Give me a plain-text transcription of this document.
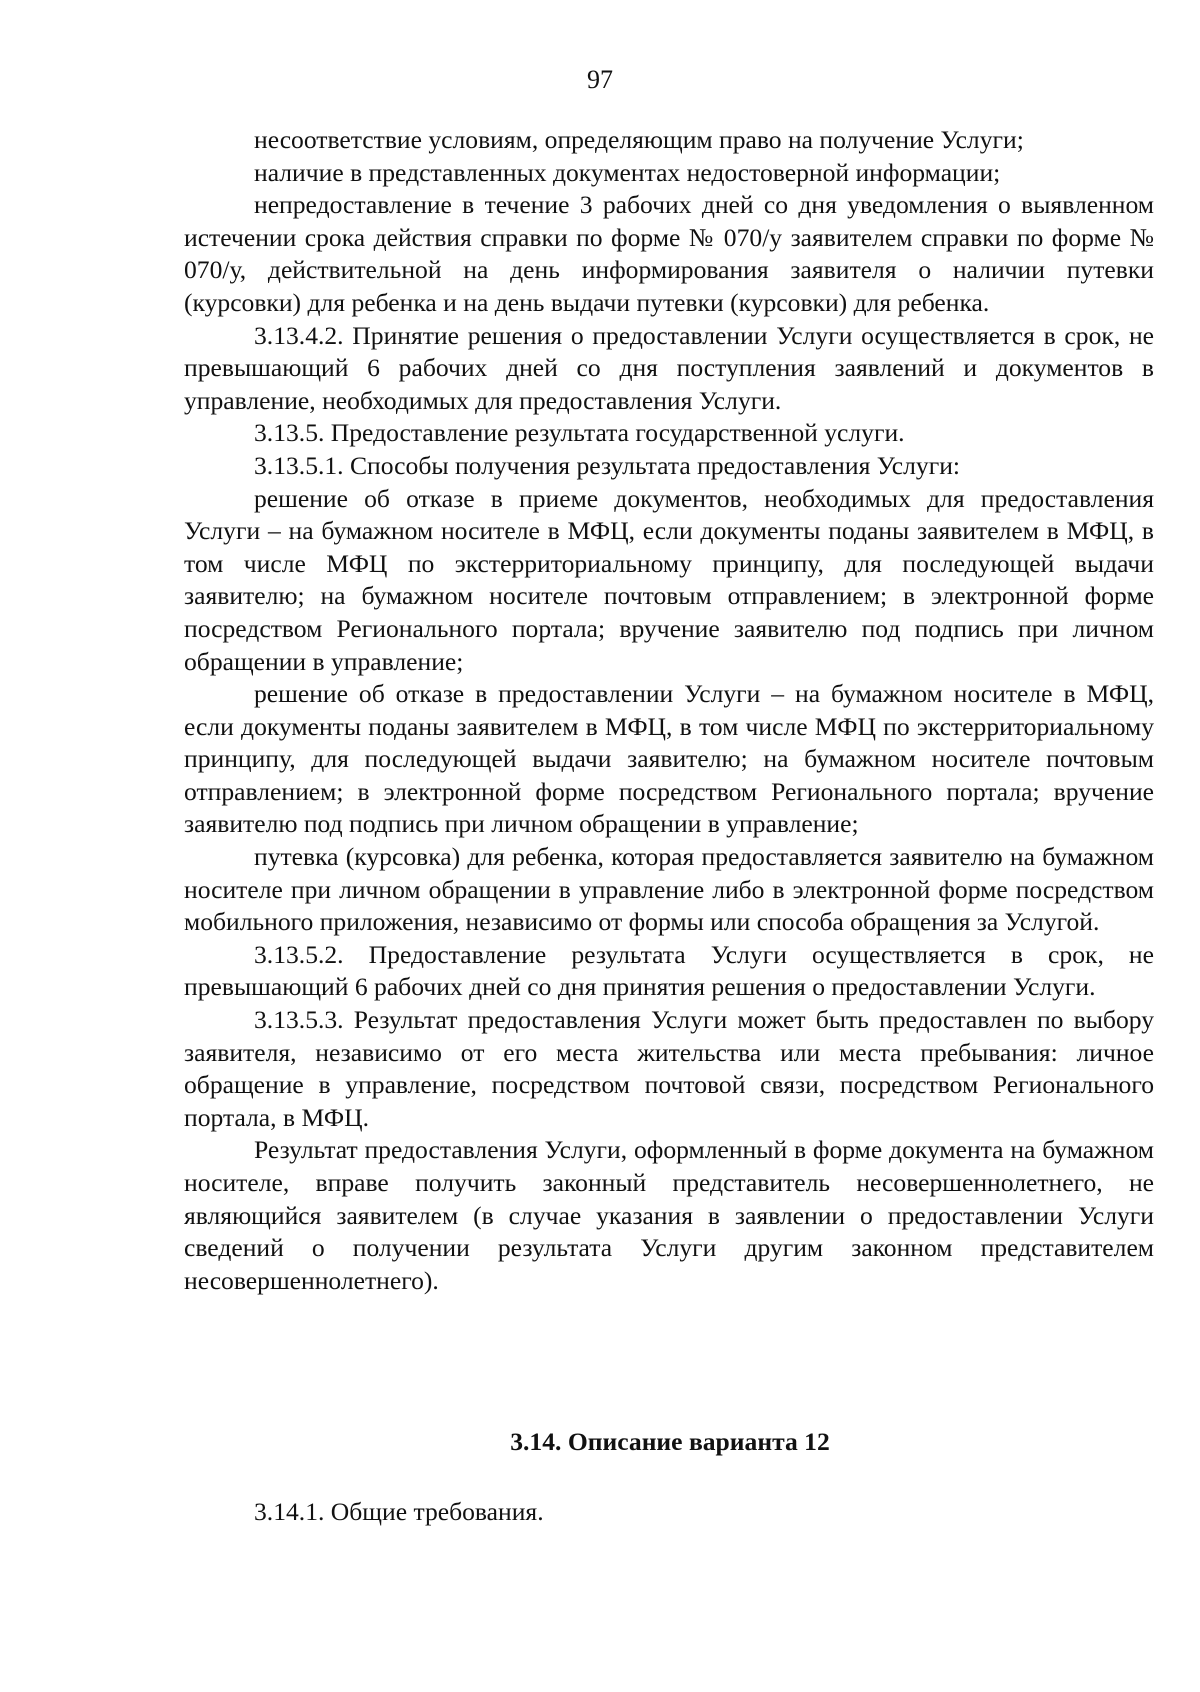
97

несоответствие условиям, определяющим право на получение Услуги;

наличие в представленных документах недостоверной информации;

непредоставление в течение 3 рабочих дней со дня уведомления о выявленном истечении срока действия справки по форме № 070/у заявителем справки по форме № 070/у, действительной на день информирования заявителя о наличии путевки (курсовки) для ребенка и на день выдачи путевки (курсовки) для ребенка.

3.13.4.2. Принятие решения о предоставлении Услуги осуществляется в срок, не превышающий 6 рабочих дней со дня поступления заявлений и документов в управление, необходимых для предоставления Услуги.

3.13.5. Предоставление результата государственной услуги.

3.13.5.1. Способы получения результата предоставления Услуги:

решение об отказе в приеме документов, необходимых для предоставления Услуги – на бумажном носителе в МФЦ, если документы поданы заявителем в МФЦ, в том числе МФЦ по экстерриториальному принципу, для последующей выдачи заявителю; на бумажном носителе почтовым отправлением; в электронной форме посредством Регионального портала; вручение заявителю под подпись при личном обращении в управление;

решение об отказе в предоставлении Услуги – на бумажном носителе в МФЦ, если документы поданы заявителем в МФЦ, в том числе МФЦ по экстерриториальному принципу, для последующей выдачи заявителю; на бумажном носителе почтовым отправлением; в электронной форме посредством Регионального портала; вручение заявителю под подпись при личном обращении в управление;

путевка (курсовка) для ребенка, которая предоставляется заявителю на бумажном носителе при личном обращении в управление либо в электронной форме посредством мобильного приложения, независимо от формы или способа обращения за Услугой.

3.13.5.2. Предоставление результата Услуги осуществляется в срок, не превышающий 6 рабочих дней со дня принятия решения о предоставлении Услуги.

3.13.5.3. Результат предоставления Услуги может быть предоставлен по выбору заявителя, независимо от его места жительства или места пребывания: личное обращение в управление, посредством почтовой связи, посредством Регионального портала, в МФЦ.

Результат предоставления Услуги, оформленный в форме документа на бумажном носителе, вправе получить законный представитель несовершеннолетнего, не являющийся заявителем (в случае указания в заявлении о предоставлении Услуги сведений о получении результата Услуги другим законном представителем несовершеннолетнего).

3.14. Описание варианта 12
3.14.1. Общие требования.
